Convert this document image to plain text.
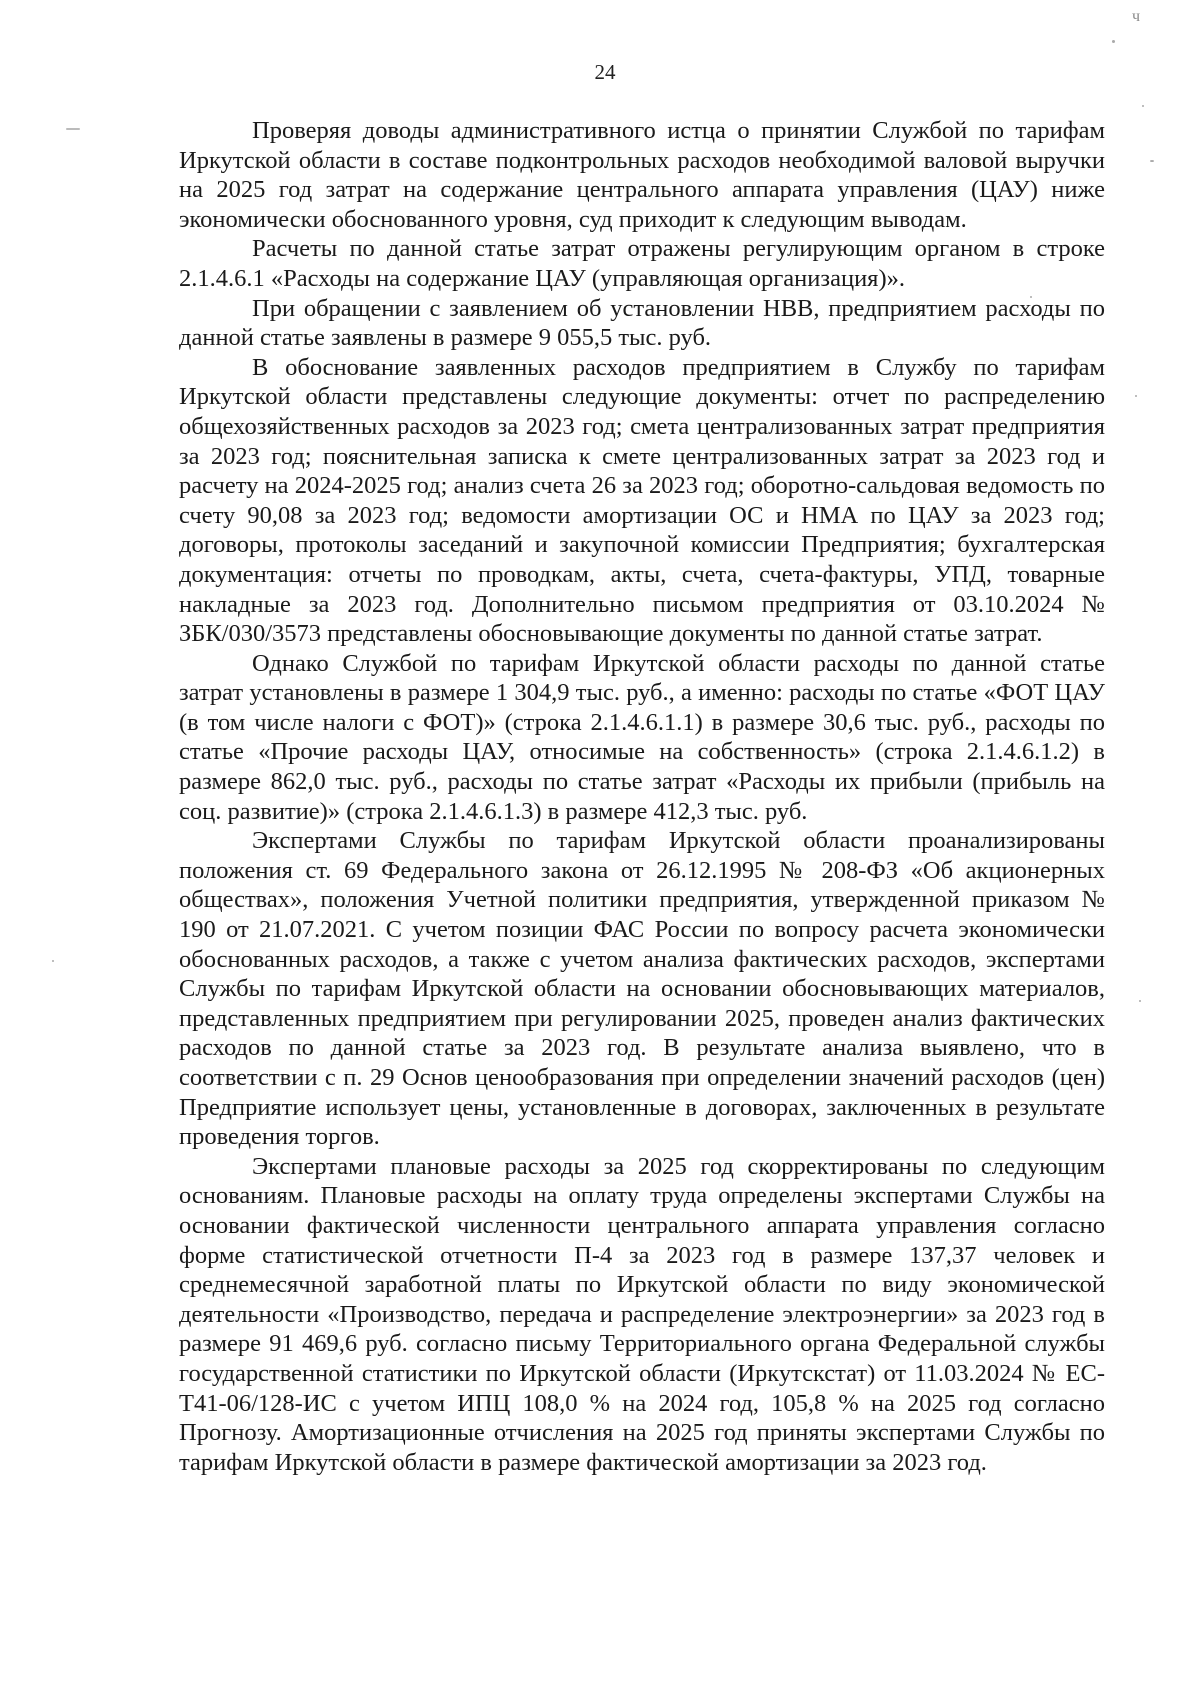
ч
24

Проверяя доводы административного истца о принятии Службой по тарифам Иркутской области в составе подконтрольных расходов необходимой валовой выручки на 2025 год затрат на содержание центрального аппарата управления (ЦАУ) ниже экономически обоснованного уровня, суд приходит к следующим выводам.

Расчеты по данной статье затрат отражены регулирующим органом в строке 2.1.4.6.1 «Расходы на содержание ЦАУ (управляющая организация)».

При обращении с заявлением об установлении НВВ, предприятием расходы по данной статье заявлены в размере 9 055,5 тыс. руб.

В обоснование заявленных расходов предприятием в Службу по тарифам Иркутской области представлены следующие документы: отчет по распределению общехозяйственных расходов за 2023 год; смета централизованных затрат предприятия за 2023 год; пояснительная записка к смете централизованных затрат за 2023 год и расчету на 2024-2025 год; анализ счета 26 за 2023 год; оборотно-сальдовая ведомость по счету 90,08 за 2023 год; ведомости амортизации ОС и НМА по ЦАУ за 2023 год; договоры, протоколы заседаний и закупочной комиссии Предприятия; бухгалтерская документация: отчеты по проводкам, акты, счета, счета-фактуры, УПД, товарные накладные за 2023 год. Дополнительно письмом предприятия от 03.10.2024 № ЗБК/030/3573 представлены обосновывающие документы по данной статье затрат.

Однако Службой по тарифам Иркутской области расходы по данной статье затрат установлены в размере 1 304,9 тыс. руб., а именно: расходы по статье «ФОТ ЦАУ (в том числе налоги с ФОТ)» (строка 2.1.4.6.1.1) в размере 30,6 тыс. руб., расходы по статье «Прочие расходы ЦАУ, относимые на собственность» (строка 2.1.4.6.1.2) в размере 862,0 тыс. руб., расходы по статье затрат «Расходы их прибыли (прибыль на соц. развитие)» (строка 2.1.4.6.1.3) в размере 412,3 тыс. руб.

Экспертами Службы по тарифам Иркутской области проанализированы положения ст. 69 Федерального закона от 26.12.1995 № 208-ФЗ «Об акционерных обществах», положения Учетной политики предприятия, утвержденной приказом № 190 от 21.07.2021. С учетом позиции ФАС России по вопросу расчета экономически обоснованных расходов, а также с учетом анализа фактических расходов, экспертами Службы по тарифам Иркутской области на основании обосновывающих материалов, представленных предприятием при регулировании 2025, проведен анализ фактических расходов по данной статье за 2023 год. В результате анализа выявлено, что в соответствии с п. 29 Основ ценообразования при определении значений расходов (цен) Предприятие использует цены, установленные в договорах, заключенных в результате проведения торгов.

Экспертами плановые расходы за 2025 год скорректированы по следующим основаниям. Плановые расходы на оплату труда определены экспертами Службы на основании фактической численности центрального аппарата управления согласно форме статистической отчетности П-4 за 2023 год в размере 137,37 человек и среднемесячной заработной платы по Иркутской области по виду экономической деятельности «Производство, передача и распределение электроэнергии» за 2023 год в размере 91 469,6 руб. согласно письму Территориального органа Федеральной службы государственной статистики по Иркутской области (Иркутскстат) от 11.03.2024 № ЕС-Т41-06/128-ИС с учетом ИПЦ 108,0 % на 2024 год, 105,8 % на 2025 год согласно Прогнозу. Амортизационные отчисления на 2025 год приняты экспертами Службы по тарифам Иркутской области в размере фактической амортизации за 2023 год.
